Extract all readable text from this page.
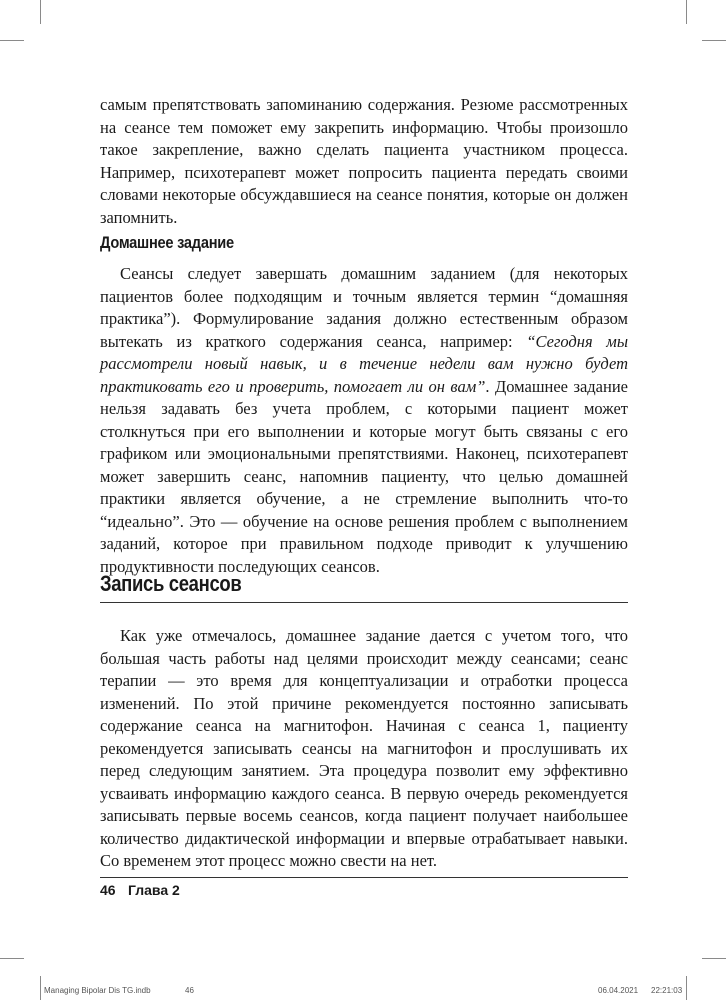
самым препятствовать запоминанию содержания. Резюме рассмотренных на сеансе тем поможет ему закрепить информацию. Чтобы произошло такое закрепление, важно сделать пациента участником процесса. Например, психотерапевт может попросить пациента передать своими словами некоторые обсуждавшиеся на сеансе понятия, которые он должен запомнить.

Домашнее задание

Сеансы следует завершать домашним заданием (для некоторых пациентов более подходящим и точным является термин “домашняя практика”). Формулирование задания должно естественным образом вытекать из краткого содержания сеанса, например: “Сегодня мы рассмотрели новый навык, и в течение недели вам нужно будет практиковать его и проверить, помогает ли он вам”. Домашнее задание нельзя задавать без учета проблем, с которыми пациент может столкнуться при его выполнении и которые могут быть связаны с его графиком или эмоциональными препятствиями. Наконец, психотерапевт может завершить сеанс, напомнив пациенту, что целью домашней практики является обучение, а не стремление выполнить что-то “идеально”. Это — обучение на основе решения проблем с выполнением заданий, которое при правильном подходе приводит к улучшению продуктивности последующих сеансов.

Запись сеансов

Как уже отмечалось, домашнее задание дается с учетом того, что большая часть работы над целями происходит между сеансами; сеанс терапии — это время для концептуализации и отработки процесса изменений. По этой причине рекомендуется постоянно записывать содержание сеанса на магнитофон. Начиная с сеанса 1, пациенту рекомендуется записывать сеансы на магнитофон и прослушивать их перед следующим занятием. Эта процедура позволит ему эффективно усваивать информацию каждого сеанса. В первую очередь рекомендуется записывать первые восемь сеансов, когда пациент получает наибольшее количество дидактической информации и впервые отрабатывает навыки. Со временем этот процесс можно свести на нет.

46 Глава 2
Managing Bipolar Dis TG.indb	46	06.04.2021 22:21:03
